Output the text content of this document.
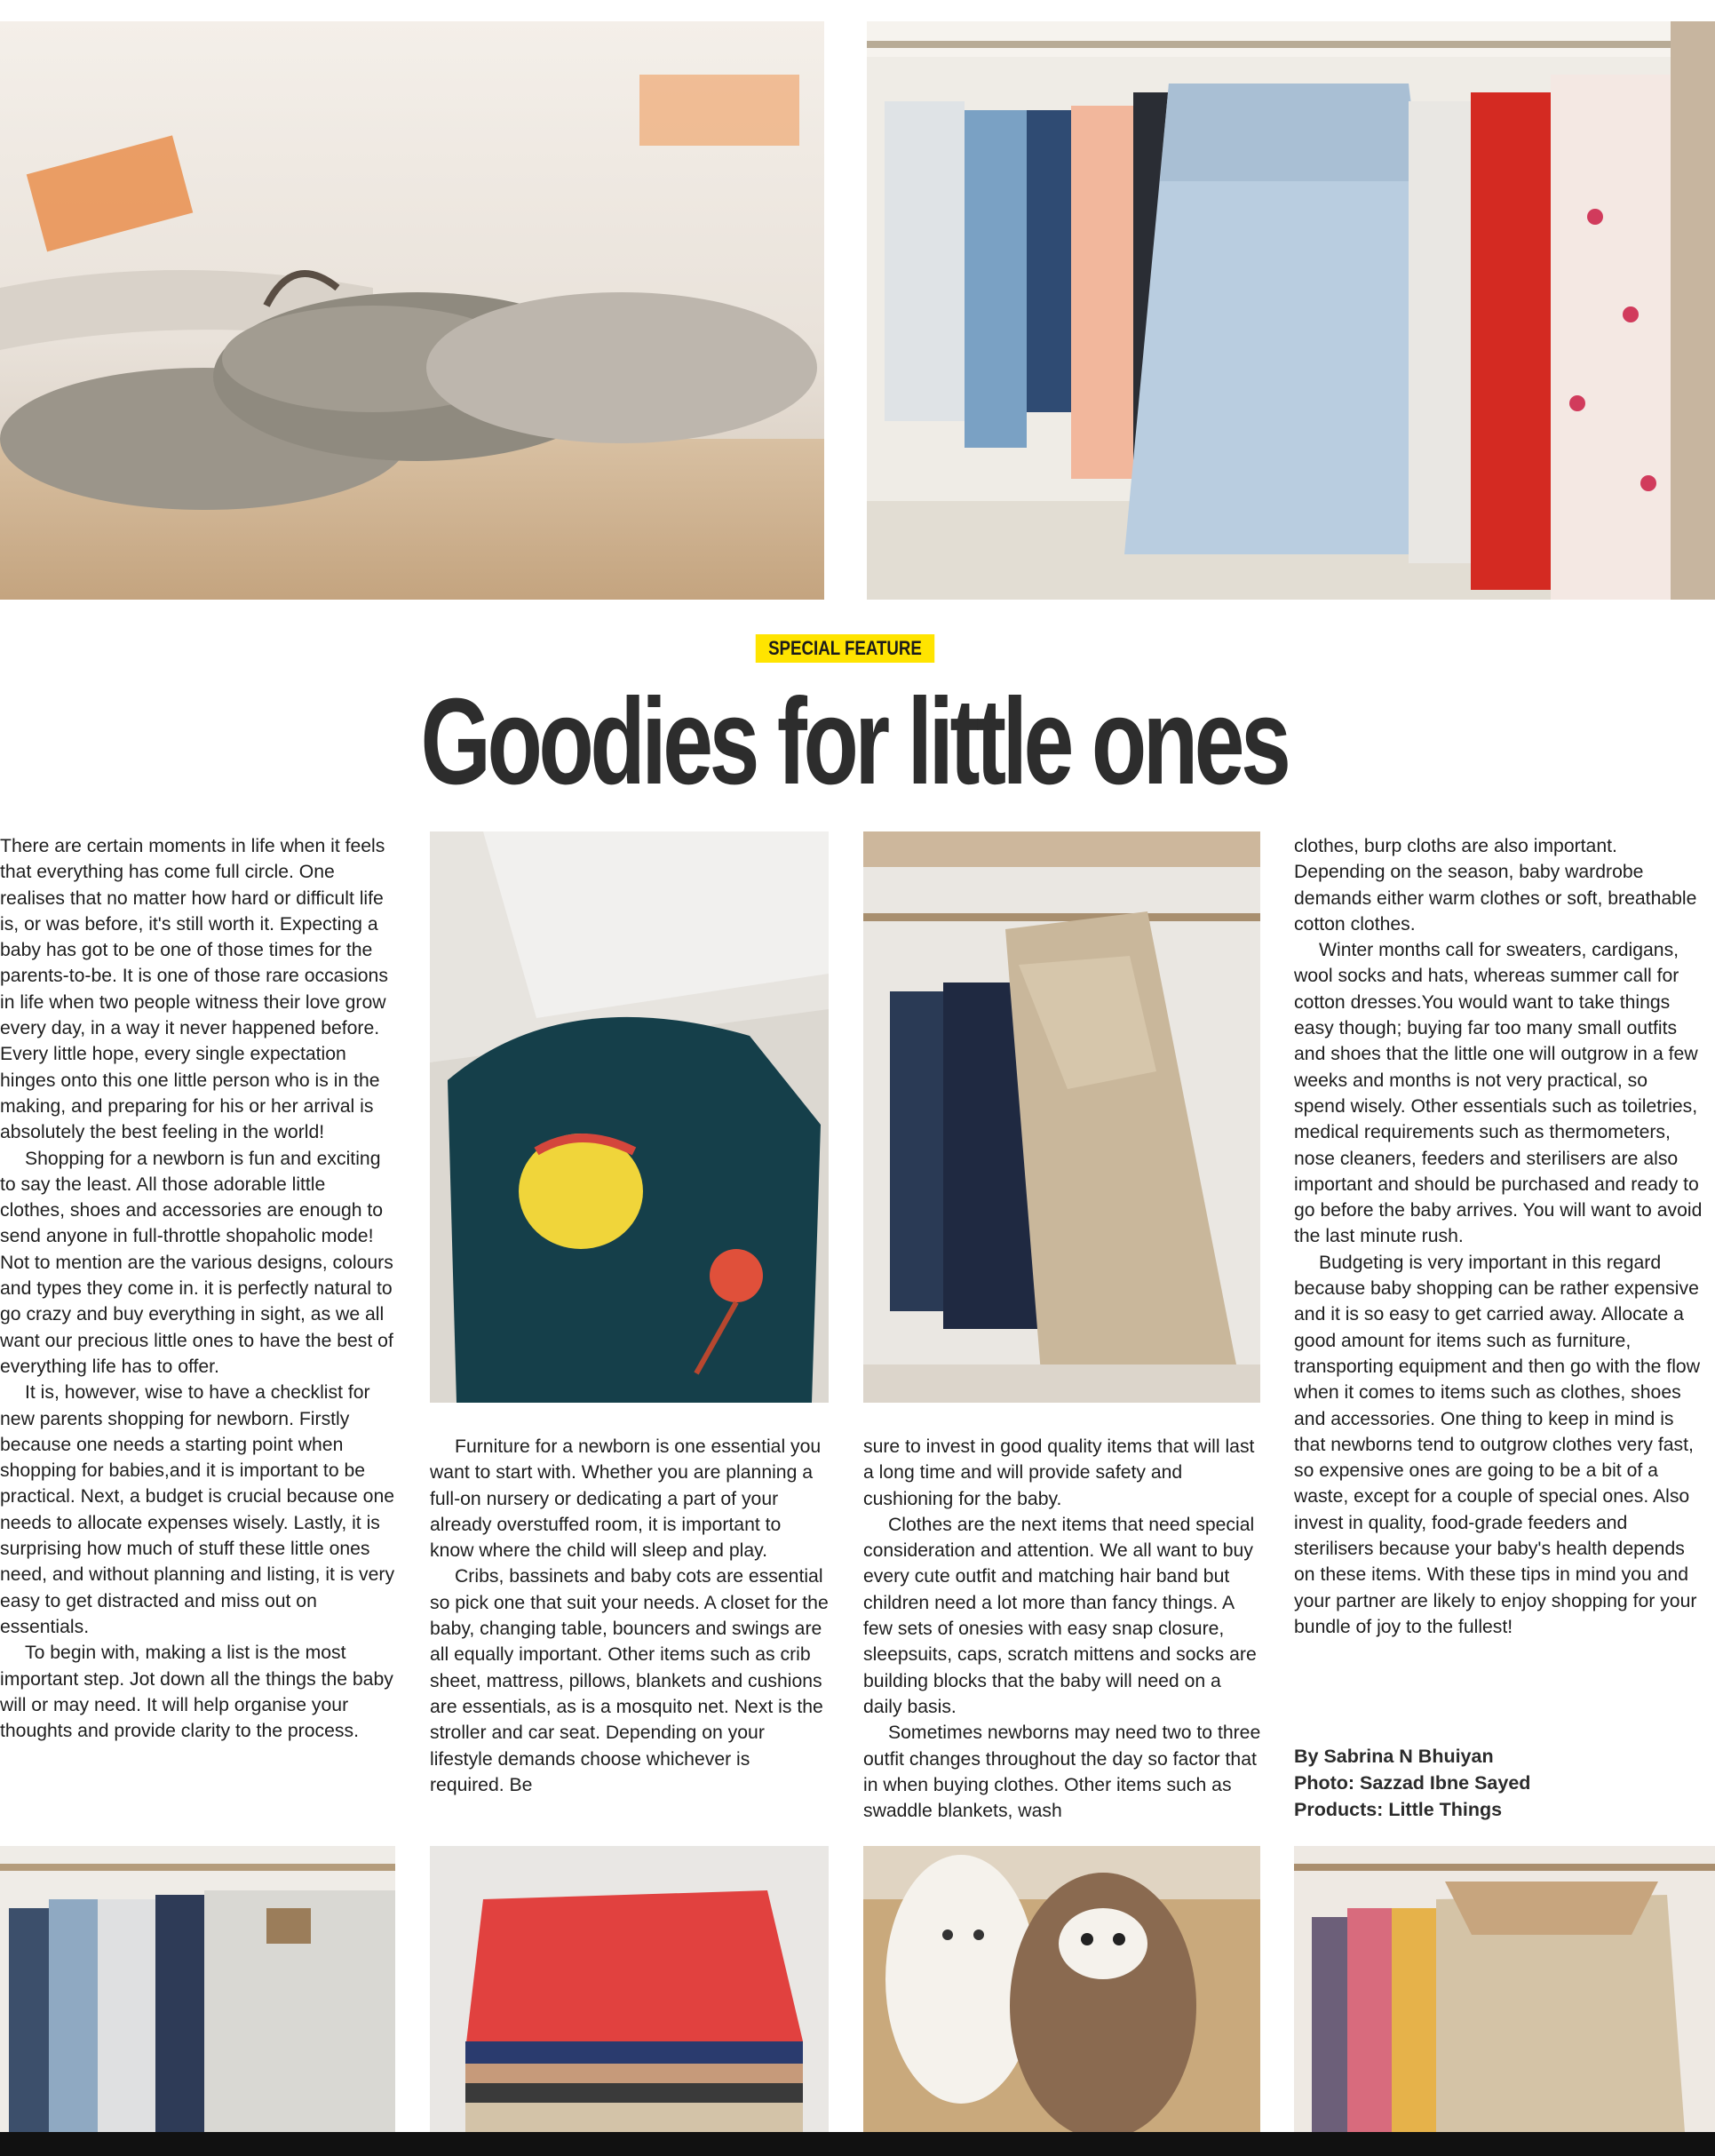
SPECIAL FEATURE
Goodies for little ones

There are certain moments in life when it feels that everything has come full circle. One realises that no matter how hard or difficult life is, or was before, it's still worth it. Expecting a baby has got to be one of those times for the parents-to-be. It is one of those rare occasions in life when two people witness their love grow every day, in a way it never happened before. Every little hope, every single expectation hinges onto this one little person who is in the making, and preparing for his or her arrival is absolutely the best feeling in the world!

Shopping for a newborn is fun and exciting to say the least. All those adorable little clothes, shoes and accessories are enough to send anyone in full-throttle shopaholic mode! Not to mention are the various designs, colours and types they come in. it is perfectly natural to go crazy and buy everything in sight, as we all want our precious little ones to have the best of everything life has to offer.

It is, however, wise to have a checklist for new parents shopping for newborn. Firstly because one needs a starting point when shopping for babies,and it is important to be practical. Next, a budget is crucial because one needs to allocate expenses wisely. Lastly, it is surprising how much of stuff these little ones need, and without planning and listing, it is very easy to get distracted and miss out on essentials.

To begin with, making a list is the most important step. Jot down all the things the baby will or may need. It will help organise your thoughts and provide clarity to the process.

Furniture for a newborn is one essential you want to start with. Whether you are planning a full-on nursery or dedicating a part of your already overstuffed room, it is important to know where the child will sleep and play.

Cribs, bassinets and baby cots are essential so pick one that suit your needs. A closet for the baby, changing table, bouncers and swings are all equally important. Other items such as crib sheet, mattress, pillows, blankets and cushions are essentials, as is a mosquito net. Next is the stroller and car seat. Depending on your lifestyle demands choose whichever is required. Be

sure to invest in good quality items that will last a long time and will provide safety and cushioning for the baby.

Clothes are the next items that need special consideration and attention. We all want to buy every cute outfit and matching hair band but children need a lot more than fancy things. A few sets of onesies with easy snap closure, sleepsuits, caps, scratch mittens and socks are building blocks that the baby will need on a daily basis.

Sometimes newborns may need two to three outfit changes throughout the day so factor that in when buying clothes. Other items such as swaddle blankets, wash

clothes, burp cloths are also important. Depending on the season, baby wardrobe demands either warm clothes or soft, breathable cotton clothes.

Winter months call for sweaters, cardigans, wool socks and hats, whereas summer call for cotton dresses.You would want to take things easy though; buying far too many small outfits and shoes that the little one will outgrow in a few weeks and months is not very practical, so spend wisely. Other essentials such as toiletries, medical requirements such as thermometers, nose cleaners, feeders and sterilisers are also important and should be purchased and ready to go before the baby arrives. You will want to avoid the last minute rush.

Budgeting is very important in this regard because baby shopping can be rather expensive and it is so easy to get carried away. Allocate a good amount for items such as furniture, transporting equipment and then go with the flow when it comes to items such as clothes, shoes and accessories. One thing to keep in mind is that newborns tend to outgrow clothes very fast, so expensive ones are going to be a bit of a waste, except for a couple of special ones. Also invest in quality, food-grade feeders and sterilisers because your baby's health depends on these items. With these tips in mind you and your partner are likely to enjoy shopping for your bundle of joy to the fullest!

By Sabrina N Bhuiyan
Photo: Sazzad Ibne Sayed
Products: Little Things
